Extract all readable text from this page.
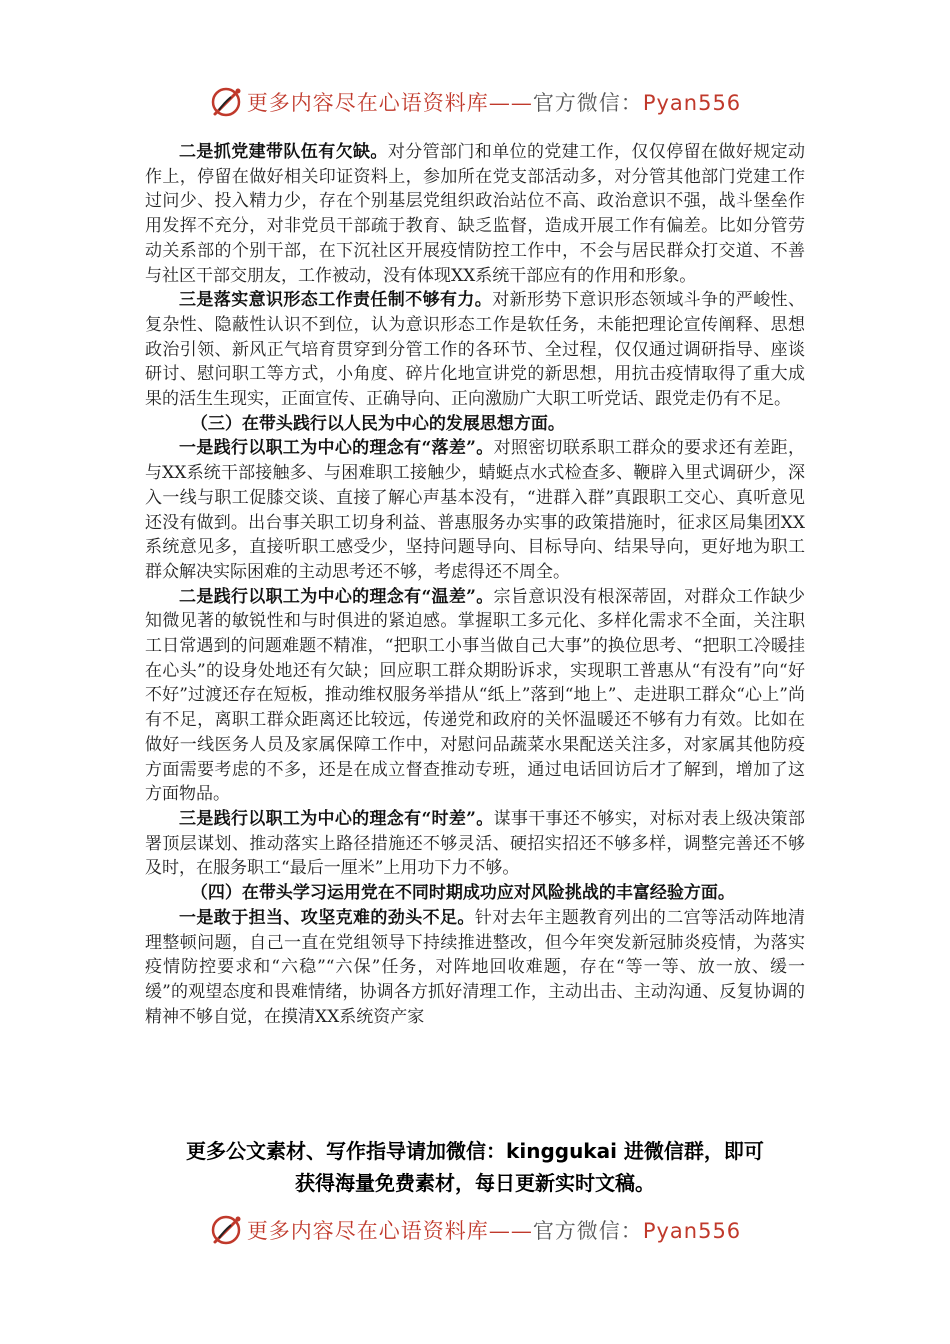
更多内容尽在心语资料库——官方微信：Pyan556

二是抓党建带队伍有欠缺。对分管部门和单位的党建工作，仅仅停留在做好规定动作上，停留在做好相关印证资料上，参加所在党支部活动多，对分管其他部门党建工作过问少、投入精力少，存在个别基层党组织政治站位不高、政治意识不强，战斗堡垒作用发挥不充分，对非党员干部疏于教育、缺乏监督，造成开展工作有偏差。比如分管劳动关系部的个别干部，在下沉社区开展疫情防控工作中，不会与居民群众打交道、不善与社区干部交朋友，工作被动，没有体现XX系统干部应有的作用和形象。

三是落实意识形态工作责任制不够有力。对新形势下意识形态领域斗争的严峻性、复杂性、隐蔽性认识不到位，认为意识形态工作是软任务，未能把理论宣传阐释、思想政治引领、新风正气培育贯穿到分管工作的各环节、全过程，仅仅通过调研指导、座谈研讨、慰问职工等方式，小角度、碎片化地宣讲党的新思想，用抗击疫情取得了重大成果的活生生现实，正面宣传、正确导向、正向激励广大职工听党话、跟党走仍有不足。

（三）在带头践行以人民为中心的发展思想方面。

一是践行以职工为中心的理念有“落差”。对照密切联系职工群众的要求还有差距，与XX系统干部接触多、与困难职工接触少，蜻蜓点水式检查多、鞭辟入里式调研少，深入一线与职工促膝交谈、直接了解心声基本没有，“进群入群”真跟职工交心、真听意见还没有做到。出台事关职工切身利益、普惠服务办实事的政策措施时，征求区局集团XX系统意见多，直接听职工感受少，坚持问题导向、目标导向、结果导向，更好地为职工群众解决实际困难的主动思考还不够，考虑得还不周全。

二是践行以职工为中心的理念有“温差”。宗旨意识没有根深蒂固，对群众工作缺少知微见著的敏锐性和与时俱进的紧迫感。掌握职工多元化、多样化需求不全面，关注职工日常遇到的问题难题不精准，“把职工小事当做自己大事”的换位思考、“把职工冷暖挂在心头”的设身处地还有欠缺；回应职工群众期盼诉求，实现职工普惠从“有没有”向“好不好”过渡还存在短板，推动维权服务举措从“纸上”落到“地上”、走进职工群众“心上”尚有不足，离职工群众距离还比较远，传递党和政府的关怀温暖还不够有力有效。比如在做好一线医务人员及家属保障工作中，对慰问品蔬菜水果配送关注多，对家属其他防疫方面需要考虑的不多，还是在成立督查推动专班，通过电话回访后才了解到，增加了这方面物品。

三是践行以职工为中心的理念有“时差”。谋事干事还不够实，对标对表上级决策部署顶层谋划、推动落实上路径措施还不够灵活、硬招实招还不够多样，调整完善还不够及时，在服务职工“最后一厘米”上用功下力不够。

（四）在带头学习运用党在不同时期成功应对风险挑战的丰富经验方面。

一是敢于担当、攻坚克难的劲头不足。针对去年主题教育列出的二宫等活动阵地清理整顿问题，自己一直在党组领导下持续推进整改，但今年突发新冠肺炎疫情，为落实疫情防控要求和“六稳”“六保”任务，对阵地回收难题，存在“等一等、放一放、缓一缓”的观望态度和畏难情绪，协调各方抓好清理工作，主动出击、主动沟通、反复协调的精神不够自觉，在摸清XX系统资产家

更多公文素材、写作指导请加微信：kinggukai 进微信群，即可
获得海量免费素材，每日更新实时文稿。
更多内容尽在心语资料库——官方微信：Pyan556
